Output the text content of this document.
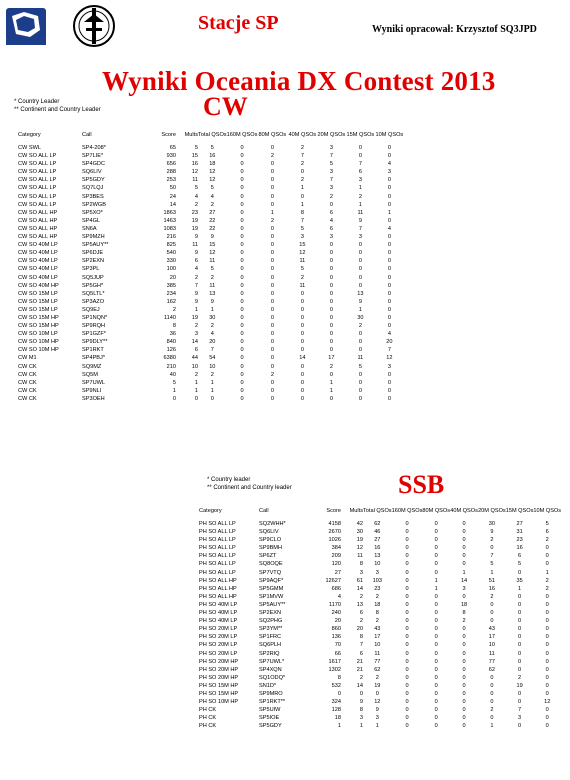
Stacje SP	Wyniki opracował: Krzysztof SQ3JPD
Wyniki Oceania DX Contest 2013
CW
* Country Leader
** Continent and Country Leader
Category	Call	Score	Mults	Total QSOs	160M QSOs	80M QSOs	40M QSOs	20M QSOs	15M QSOs	10M QSOs
CW SWL	SP4-208*	65	5	5	0	0	2	3	0	0
CW SO ALL LP	SP7LIE*	930	15	16	0	2	7	7	0	0
CW SO ALL LP	SP4GDC	656	16	18	0	0	2	5	7	4
CW SO ALL LP	SQ6LIV	288	12	12	0	0	0	3	6	3
CW SO ALL LP	SP5GDY	253	11	12	0	0	2	7	3	0
CW SO ALL LP	SQ7LQJ	50	5	5	0	0	1	3	1	0
CW SO ALL LP	SP3BES	24	4	4	0	0	0	2	2	0
CW SO ALL LP	SP2WGB	14	2	2	0	0	1	0	1	0
CW SO ALL HP	SP5XO*	1863	23	27	0	1	8	6	11	1
CW SO ALL HP	SP4GL	1463	19	22	0	2	7	4	9	0
CW SO ALL HP	SN6A	1083	19	22	0	0	5	6	7	4
CW SO ALL HP	SP9MZH	216	9	9	0	0	3	3	3	0
CW SO 40M LP	SP5AUY**	825	11	15	0	0	15	0	0	0
CW SO 40M LP	SP6DJE	540	9	12	0	0	12	0	0	0
CW SO 40M LP	SP2EXN	330	6	11	0	0	11	0	0	0
CW SO 40M LP	SP3PL	100	4	5	0	0	5	0	0	0
CW SO 40M LP	SQ5JUP	20	2	2	0	0	2	0	0	0
CW SO 40M HP	SP5GH*	385	7	11	0	0	11	0	0	0
CW SO 15M LP	SQ5LTL*	234	9	13	0	0	0	0	13	0
CW SO 15M LP	SP3AZO	162	9	9	0	0	0	0	9	0
CW SO 15M LP	SQ9EJ	2	1	1	0	0	0	0	1	0
CW SO 15M HP	SP1NQN*	1140	19	30	0	0	0	0	30	0
CW SO 15M HP	SP9RQH	8	2	2	0	0	0	0	2	0
CW SO 10M LP	SP1GZF*	36	3	4	0	0	0	0	0	4
CW SO 10M HP	SP9DLY**	840	14	20	0	0	0	0	0	20
CW SO 10M HP	SP1RKT	126	6	7	0	0	0	0	0	7
CW M1	SP4PBJ*	6380	44	54	0	0	14	17	11	12
CW CK	SQ9MZ	210	10	10	0	0	0	2	5	3
CW CK	SQ5M	40	2	2	0	2	0	0	0	0
CW CK	SP7UWL	5	1	1	0	0	0	1	0	0
CW CK	SP9NLI	1	1	1	0	0	0	1	0	0
CW CK	SP3OEH	0	0	0	0	0	0	0	0	0
* Country leader
** Continent and Country leader	SSB
Category	Call	Score	Mults	Total QSOs	160M QSOs	80M QSOs	40M QSOs	20M QSOs	15M QSOs	10M QSOs
PH SO ALL LP	SQ2WHH*	4158	42	62	0	0	0	30	27	5
PH SO ALL LP	SQ6LIV	2670	30	46	0	0	0	9	31	6
PH SO ALL LP	SP9CLO	1026	19	27	0	0	0	2	23	2
PH SO ALL LP	SP9BMH	384	12	16	0	0	0	0	16	0
PH SO ALL LP	SP6ZT	209	11	13	0	0	0	7	6	0
PH SO ALL LP	SQ8OQE	120	8	10	0	0	0	5	5	0
PH SO ALL LP	SP7VTQ	27	3	3	0	0	1	1	0	1
PH SO ALL HP	SP9AQF*	12627	61	103	0	1	14	51	35	2
PH SO ALL HP	SP5GMM	686	14	23	0	1	3	16	1	2
PH SO ALL HP	SP1MVW	4	2	2	0	0	0	2	0	0
PH SO 40M LP	SP5AUY**	1170	13	18	0	0	18	0	0	0
PH SO 40M LP	SP2EXN	240	6	8	0	0	8	0	0	0
PH SO 40M LP	SQ2PHG	20	2	2	0	0	2	0	0	0
PH SO 20M LP	SP3YM**	860	20	43	0	0	0	43	0	0
PH SO 20M LP	SP1FRC	136	8	17	0	0	0	17	0	0
PH SO 20M LP	SQ6PLH	70	7	10	0	0	0	10	0	0
PH SO 20M LP	SP2RIQ	66	6	11	0	0	0	11	0	0
PH SO 20M HP	SP7UWL*	1617	21	77	0	0	0	77	0	0
PH SO 20M HP	SP4XQN	1302	21	62	0	0	0	62	0	0
PH SO 20M HP	SQ1ODQ*	8	2	2	0	0	0	0	2	0
PH SO 15M HP	SN1D*	532	14	19	0	0	0	0	19	0
PH SO 15M HP	SP9MRO	0	0	0	0	0	0	0	0	0
PH SO 10M HP	SP1RKT**	324	9	12	0	0	0	0	0	12
PH CK	SP5UIW	128	8	9	0	0	0	2	7	0
PH CK	SP5IOE	18	3	3	0	0	0	0	3	0
PH CK	SP5GDY	1	1	1	0	0	0	1	0	0
